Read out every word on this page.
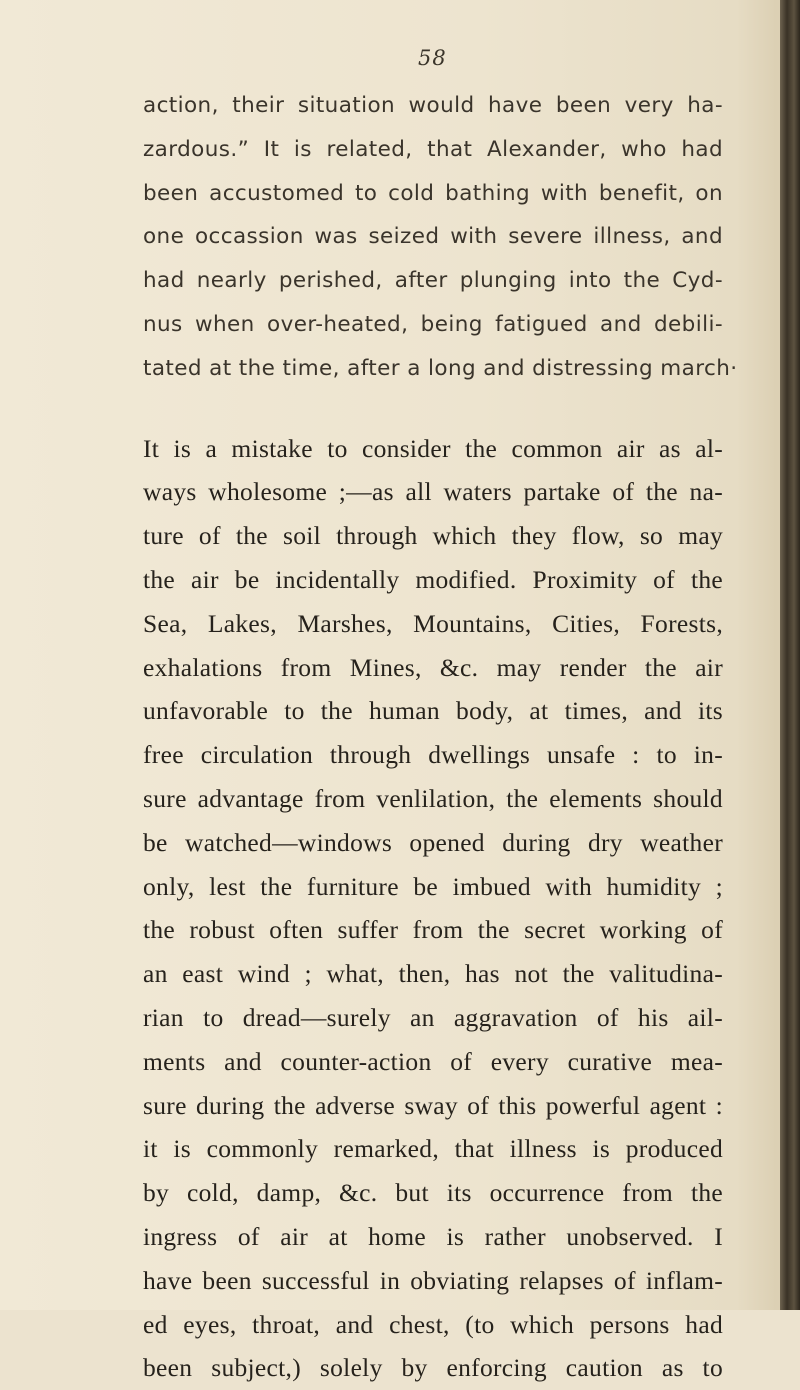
58
action, their situation would have been very ha-
zardous.” It is related, that Alexander, who had
been accustomed to cold bathing with benefit, on
one occassion was seized with severe illness, and
had nearly perished, after plunging into the Cyd-
nus when over-heated, being fatigued and debili-
tated at the time, after a long and distressing march·
It is a mistake to consider the common air as al-
ways wholesome ;—as all waters partake of the na-
ture of the soil through which they flow, so may
the air be incidentally modified. Proximity of the
Sea, Lakes, Marshes, Mountains, Cities, Forests,
exhalations from Mines, &c. may render the air
unfavorable to the human body, at times, and its
free circulation through dwellings unsafe : to in-
sure advantage from venlilation, the elements should
be watched—windows opened during dry weather
only, lest the furniture be imbued with humidity ;
the robust often suffer from the secret working of
an east wind ; what, then, has not the valitudina-
rian to dread—surely an aggravation of his ail-
ments and counter-action of every curative mea-
sure during the adverse sway of this powerful agent :
it is commonly remarked, that illness is produced
by cold, damp, &c. but its occurrence from the
ingress of air at home is rather unobserved. I
have been successful in obviating relapses of inflam-
ed eyes, throat, and chest, (to which persons had
been subject,) solely by enforcing caution as to
